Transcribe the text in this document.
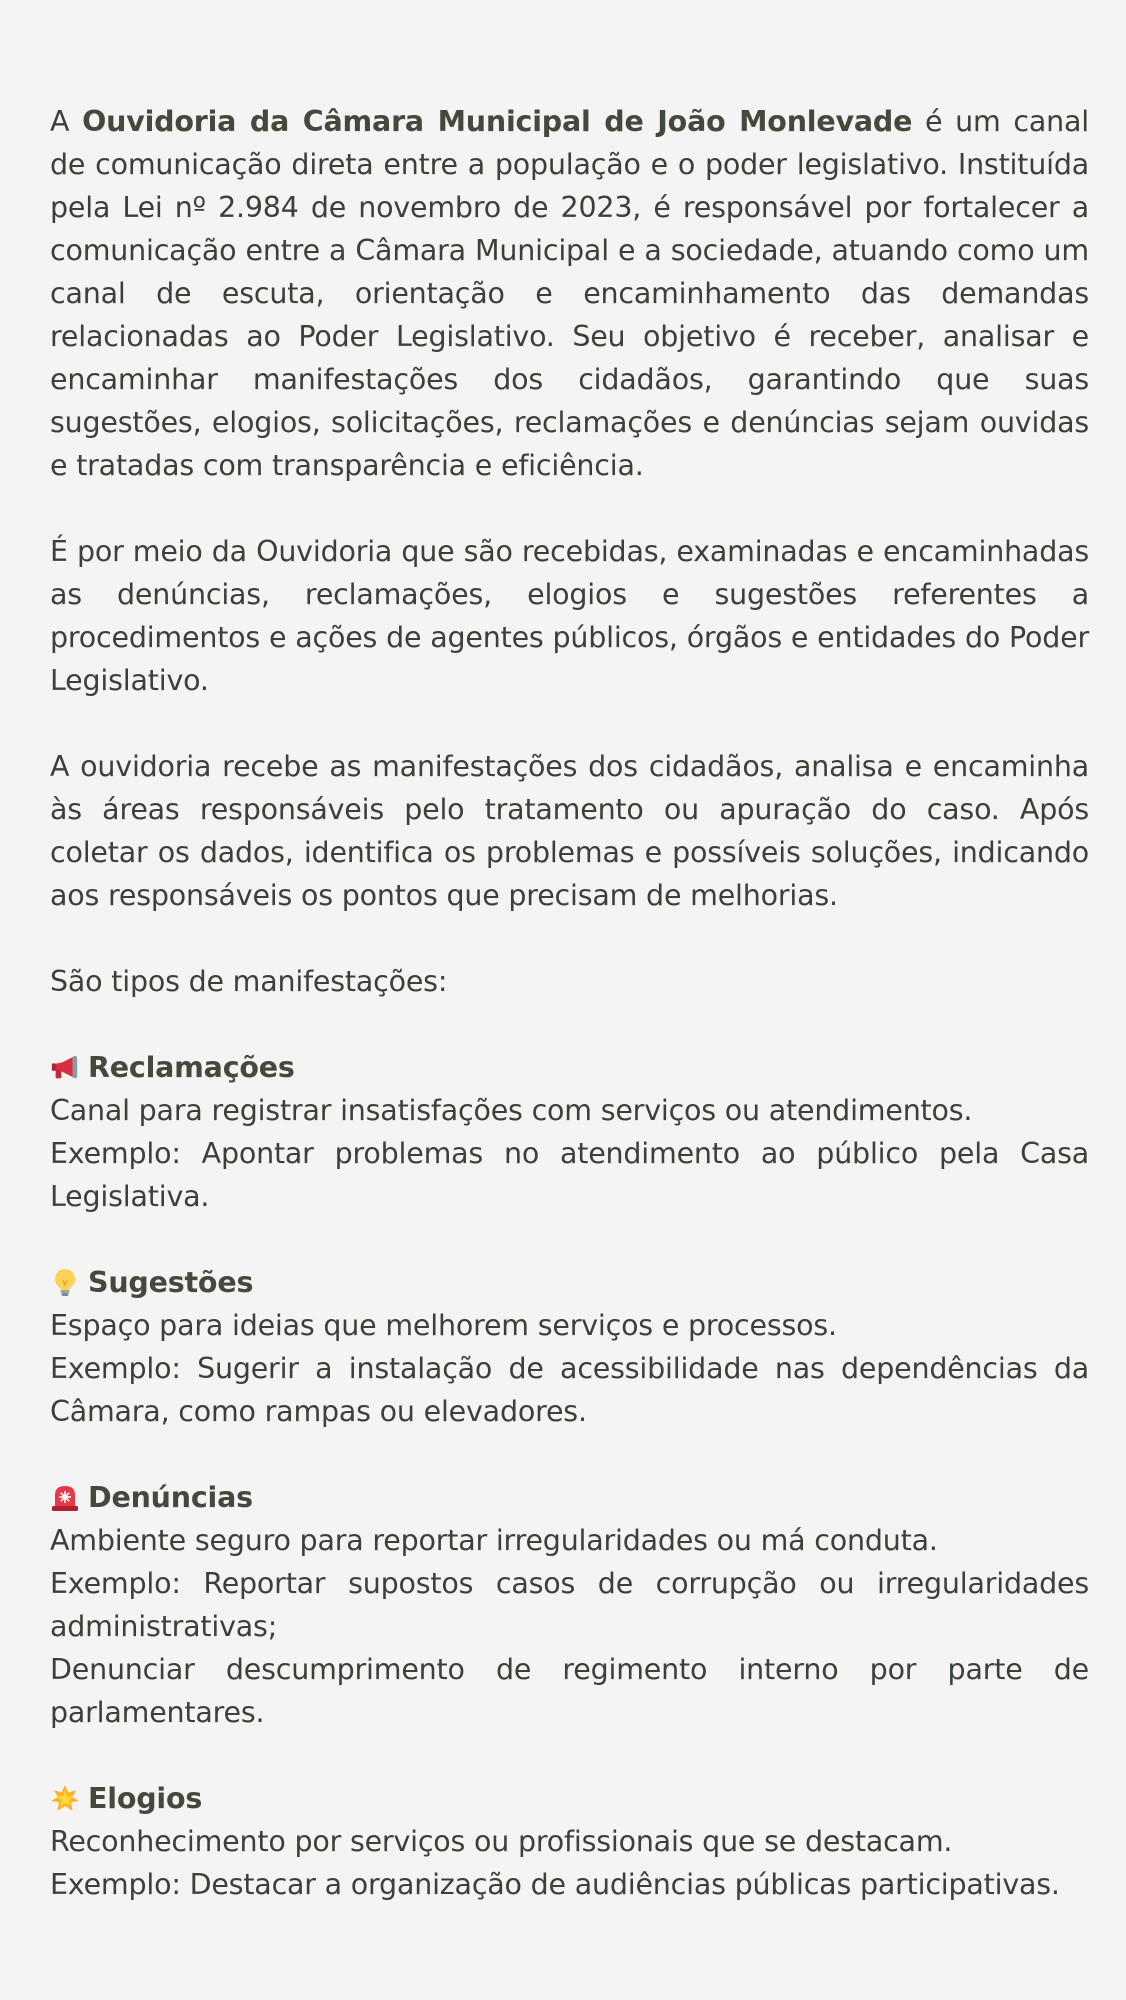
A Ouvidoria da Câmara Municipal de João Monlevade é um canal de comunicação direta entre a população e o poder legislativo. Instituída pela Lei nº 2.984 de novembro de 2023, é responsável por fortalecer a comunicação entre a Câmara Municipal e a sociedade, atuando como um canal de escuta, orientação e encaminhamento das demandas relacionadas ao Poder Legislativo. Seu objetivo é receber, analisar e encaminhar manifestações dos cidadãos, garantindo que suas sugestões, elogios, solicitações, reclamações e denúncias sejam ouvidas e tratadas com transparência e eficiência.

É por meio da Ouvidoria que são recebidas, examinadas e encaminhadas as denúncias, reclamações, elogios e sugestões referentes a procedimentos e ações de agentes públicos, órgãos e entidades do Poder Legislativo.

A ouvidoria recebe as manifestações dos cidadãos, analisa e encaminha às áreas responsáveis pelo tratamento ou apuração do caso. Após coletar os dados, identifica os problemas e possíveis soluções, indicando aos responsáveis os pontos que precisam de melhorias.

São tipos de manifestações:

Reclamações
Canal para registrar insatisfações com serviços ou atendimentos.
Exemplo: Apontar problemas no atendimento ao público pela Casa Legislativa.
Sugestões
Espaço para ideias que melhorem serviços e processos.
Exemplo: Sugerir a instalação de acessibilidade nas dependências da Câmara, como rampas ou elevadores.
Denúncias
Ambiente seguro para reportar irregularidades ou má conduta.
Exemplo: Reportar supostos casos de corrupção ou irregularidades administrativas;
Denunciar descumprimento de regimento interno por parte de parlamentares.
Elogios
Reconhecimento por serviços ou profissionais que se destacam.
Exemplo: Destacar a organização de audiências públicas participativas.
